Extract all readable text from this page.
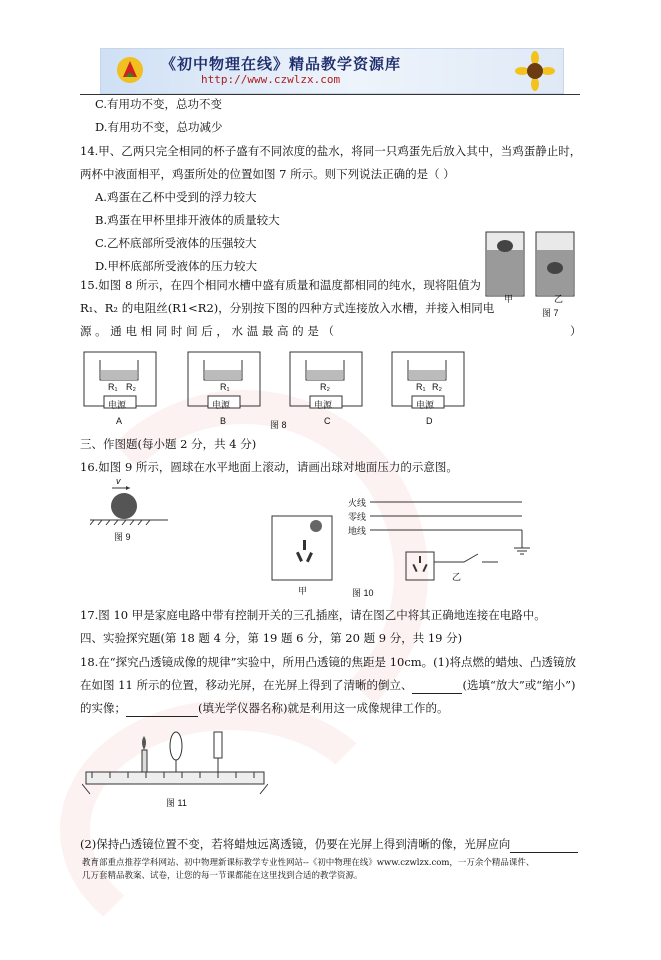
《初中物理在线》精品教学资源库
http://www.czwlzx.com
C.有用功不变，总功不变
D.有用功不变，总功减少
14.甲、乙两只完全相同的杯子盛有不同浓度的盐水，将同一只鸡蛋先后放入其中，当鸡蛋静止时，
两杯中液面相平，鸡蛋所处的位置如图 7 所示。则下列说法正确的是（ ）
A.鸡蛋在乙杯中受到的浮力较大
B.鸡蛋在甲杯里排开液体的质量较大
C.乙杯底部所受液体的压强较大
D.甲杯底部所受液体的压力较大
甲	乙
图 7
15.如图 8 所示，在四个相同水槽中盛有质量和温度都相同的纯水，现将阻值为
R₁、R₂ 的电阻丝(R1<R2)，分别按下图的四种方式连接放入水槽，并接入相同电
源 。 通 电 相 同 时 间 后 ， 水 温 最 高 的 是 （	）
电源	电源	电源	电源
R₁ R₂	R₁	R₂	R₁ R₂
A	B	C	D
图 8
三、作图题(每小题 2 分，共 4 分)
16.如图 9 所示，圆球在水平地面上滚动，请画出球对地面压力的示意图。
v
图 9
火线
零线
地线
甲
乙
图 10
17.图 10 甲是家庭电路中带有控制开关的三孔插座，请在图乙中将其正确地连接在电路中。
四、实验探究题(第 18 题 4 分，第 19 题 6 分，第 20 题 9 分，共 19 分)
18.在“探究凸透镜成像的规律”实验中，所用凸透镜的焦距是 10cm。(1)将点燃的蜡烛、凸透镜放
在如图 11 所示的位置，移动光屏，在光屏上得到了清晰的倒立、	(选填“放大”或“缩小”)
的实像；	(填光学仪器名称)就是利用这一成像规律工作的。
图 11
(2)保持凸透镜位置不变，若将蜡烛远离透镜，仍要在光屏上得到清晰的像，光屏应向
教育部重点推荐学科网站、初中物理新课标教学专业性网站--《初中物理在线》www.czwlzx.com，一万余个精品课件、
几万套精品教案、试卷，让您的每一节课都能在这里找到合适的教学资源。
